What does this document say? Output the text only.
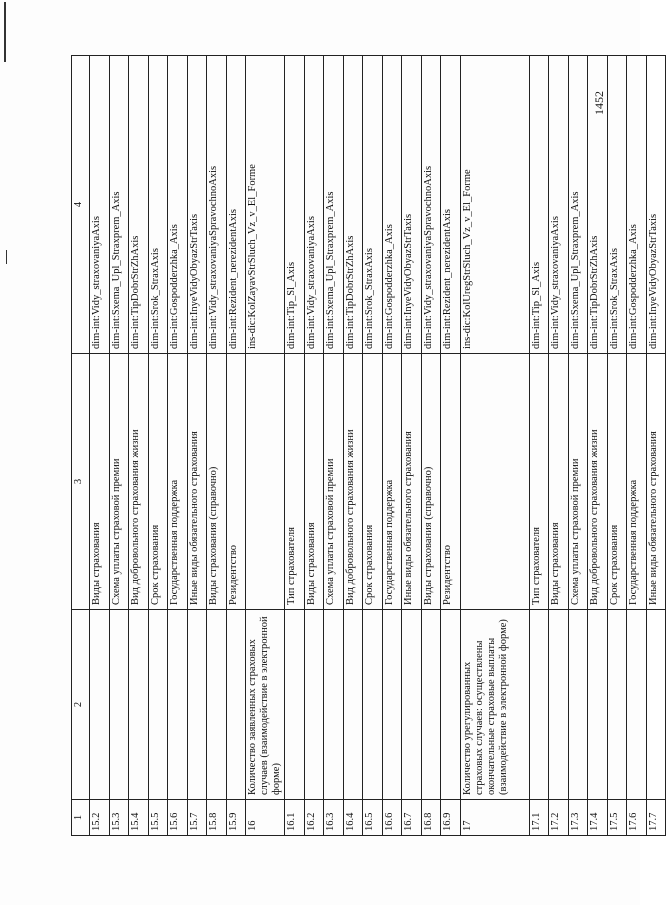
1452
1	2	3	4
15.2		Виды страхования	dim-int:Vidy_straxovaniyaAxis
15.3		Схема уплаты страховой премии	dim-int:Sxema_Upl_Straxprem_Axis
15.4		Вид добровольного страхования жизни	dim-int:TipDobrStrZhAxis
15.5		Срок страхования	dim-int:Srok_StraxAxis
15.6		Государственная поддержка	dim-int:Gospodderzhka_Axis
15.7		Иные виды обязательного страхования	dim-int:InyeVidyObyazStrTaxis
15.8		Виды страхования (справочно)	dim-int:Vidy_straxovaniyaSpravochnoAxis
15.9		Резидентство	dim-int:Rezident_nerezidentAxis
16	Количество заявленных страховых случаев (взаимодействие в электронной форме)		ins-dic:KolZayavStrSluch_Vz_v_El_Forme
16.1		Тип страхователя	dim-int:Tip_Sl_Axis
16.2		Виды страхования	dim-int:Vidy_straxovaniyaAxis
16.3		Схема уплаты страховой премии	dim-int:Sxema_Upl_Straxprem_Axis
16.4		Вид добровольного страхования жизни	dim-int:TipDobrStrZhAxis
16.5		Срок страхования	dim-int:Srok_StraxAxis
16.6		Государственная поддержка	dim-int:Gospodderzhka_Axis
16.7		Иные виды обязательного страхования	dim-int:InyeVidyObyazStrTaxis
16.8		Виды страхования (справочно)	dim-int:Vidy_straxovaniyaSpravochnoAxis
16.9		Резидентство	dim-int:Rezident_nerezidentAxis
17	Количество урегулированных страховых случаев: осуществлены окончательные страховые выплаты (взаимодействие в электронной форме)		ins-dic:KolUregStrSluch_Vz_v_El_Forme
17.1		Тип страхователя	dim-int:Tip_Sl_Axis
17.2		Виды страхования	dim-int:Vidy_straxovaniyaAxis
17.3		Схема уплаты страховой премии	dim-int:Sxema_Upl_Straxprem_Axis
17.4		Вид добровольного страхования жизни	dim-int:TipDobrStrZhAxis
17.5		Срок страхования	dim-int:Srok_StraxAxis
17.6		Государственная поддержка	dim-int:Gospodderzhka_Axis
17.7		Иные виды обязательного страхования	dim-int:InyeVidyObyazStrTaxis
